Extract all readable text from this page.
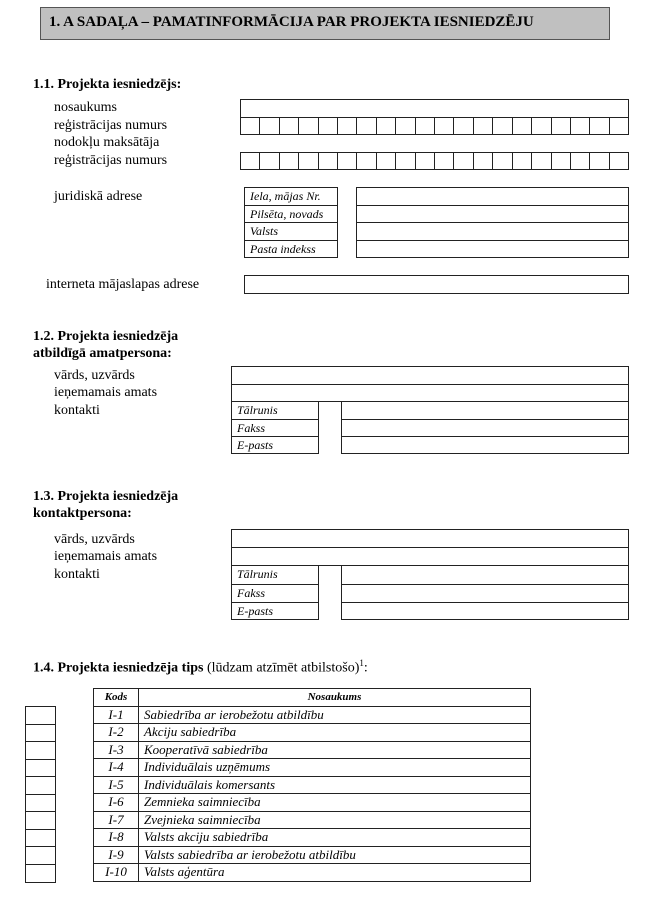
1. A SADAĻA – PAMATINFORMĀCIJA PAR PROJEKTA IESNIEDZĒJU
1.1. Projekta iesniedzējs:
nosaukums
reģistrācijas numurs
nodokļu maksātāja
reģistrācijas numurs
juridiskā adrese	Iela, mājas Nr.
Pilsēta, novads
Valsts
Pasta indekss
interneta mājaslapas adrese
1.2. Projekta iesniedzēja
atbildīgā amatpersona:
vārds, uzvārds
ieņemamais amats
kontakti	Tālrunis
Fakss
E-pasts
1.3. Projekta iesniedzēja
kontaktpersona:
vārds, uzvārds
ieņemamais amats
kontakti	Tālrunis
Fakss
E-pasts
1.4. Projekta iesniedzēja tips (lūdzam atzīmēt atbilstošo)$^1$:
Kods	Nosaukums
I-1	Sabiedrība ar ierobežotu atbildību
I-2	Akciju sabiedrība
I-3	Kooperatīvā sabiedrība
I-4	Individuālais uzņēmums
I-5	Individuālais komersants
I-6	Zemnieka saimniecība
I-7	Zvejnieka saimniecība
I-8	Valsts akciju sabiedrība
I-9	Valsts sabiedrība ar ierobežotu atbildību
I-10	Valsts aģentūra
